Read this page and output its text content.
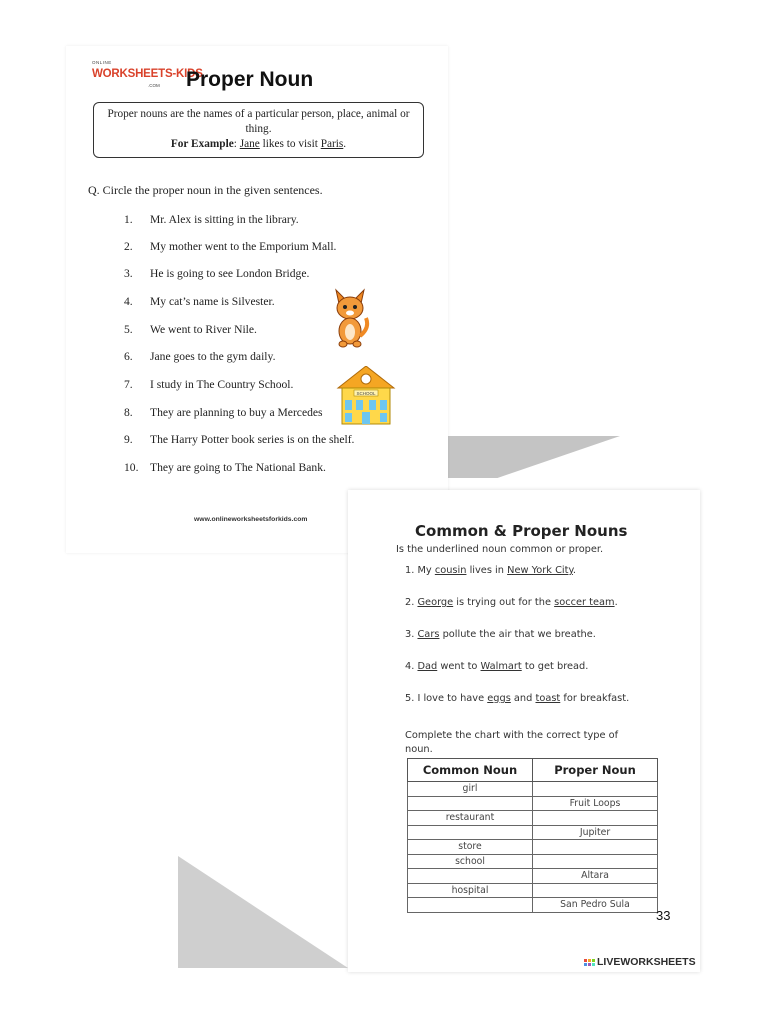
ONLINE
WORKSHEETS-KIDS
.COM Proper Noun
Proper nouns are the names of a particular person, place, animal or thing.
For Example: Jane likes to visit Paris.
Q. Circle the proper noun in the given sentences.
1. Mr. Alex is sitting in the library.
2. My mother went to the Emporium Mall.
3. He is going to see London Bridge.
4. My cat’s name is Silvester.
5. We went to River Nile.
6. Jane goes to the gym daily.
7. I study in The Country School.
8. They are planning to buy a Mercedes
9. The Harry Potter book series is on the shelf.
10. They are going to The National Bank.
SCHOOL
www.onlineworksheetsforkids.com
Common & Proper Nouns
Is the underlined noun common or proper.
1. My cousin lives in New York City.
2. George is trying out for the soccer team.
3. Cars pollute the air that we breathe.
4. Dad went to Walmart to get bread.
5. I love to have eggs and toast for breakfast.
Complete the chart with the correct type of noun.
Common Noun	Proper Noun
girl	
	Fruit Loops
restaurant	
	Jupiter
store	
school	
	Altara
hospital	
	San Pedro Sula
33
LIVEWORKSHEETS
